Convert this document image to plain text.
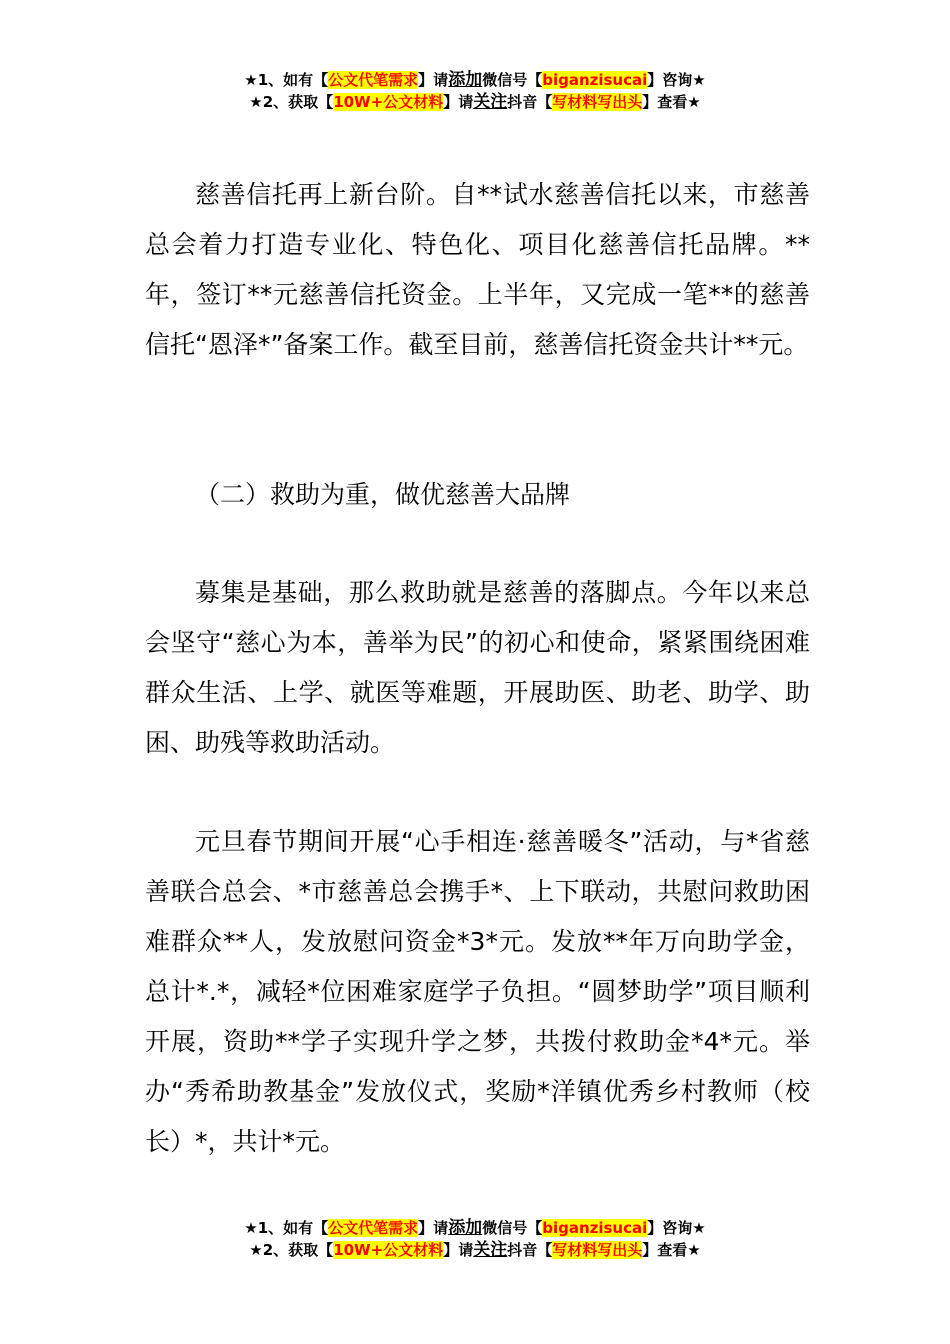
★1、如有【公文代笔需求】请添加微信号【biganzisucai】咨询★
★2、获取【10W+公文材料】请关注抖音【写材料写出头】查看★

慈善信托再上新台阶。自**试水慈善信托以来，市慈善总会着力打造专业化、特色化、项目化慈善信托品牌。**年，签订**元慈善信托资金。上半年，又完成一笔**的慈善信托“恩泽*”备案工作。截至目前，慈善信托资金共计**元。

（二）救助为重，做优慈善大品牌

募集是基础，那么救助就是慈善的落脚点。今年以来总会坚守“慈心为本，善举为民”的初心和使命，紧紧围绕困难群众生活、上学、就医等难题，开展助医、助老、助学、助困、助残等救助活动。

元旦春节期间开展“心手相连·慈善暖冬”活动，与*省慈善联合总会、*市慈善总会携手*、上下联动，共慰问救助困难群众**人，发放慰问资金*3*元。发放**年万向助学金，总计*.*，减轻*位困难家庭学子负担。“圆梦助学”项目顺利开展，资助**学子实现升学之梦，共拨付救助金*4*元。举办“秀希助教基金”发放仪式，奖励*洋镇优秀乡村教师（校长）*，共计*元。

★1、如有【公文代笔需求】请添加微信号【biganzisucai】咨询★
★2、获取【10W+公文材料】请关注抖音【写材料写出头】查看★
